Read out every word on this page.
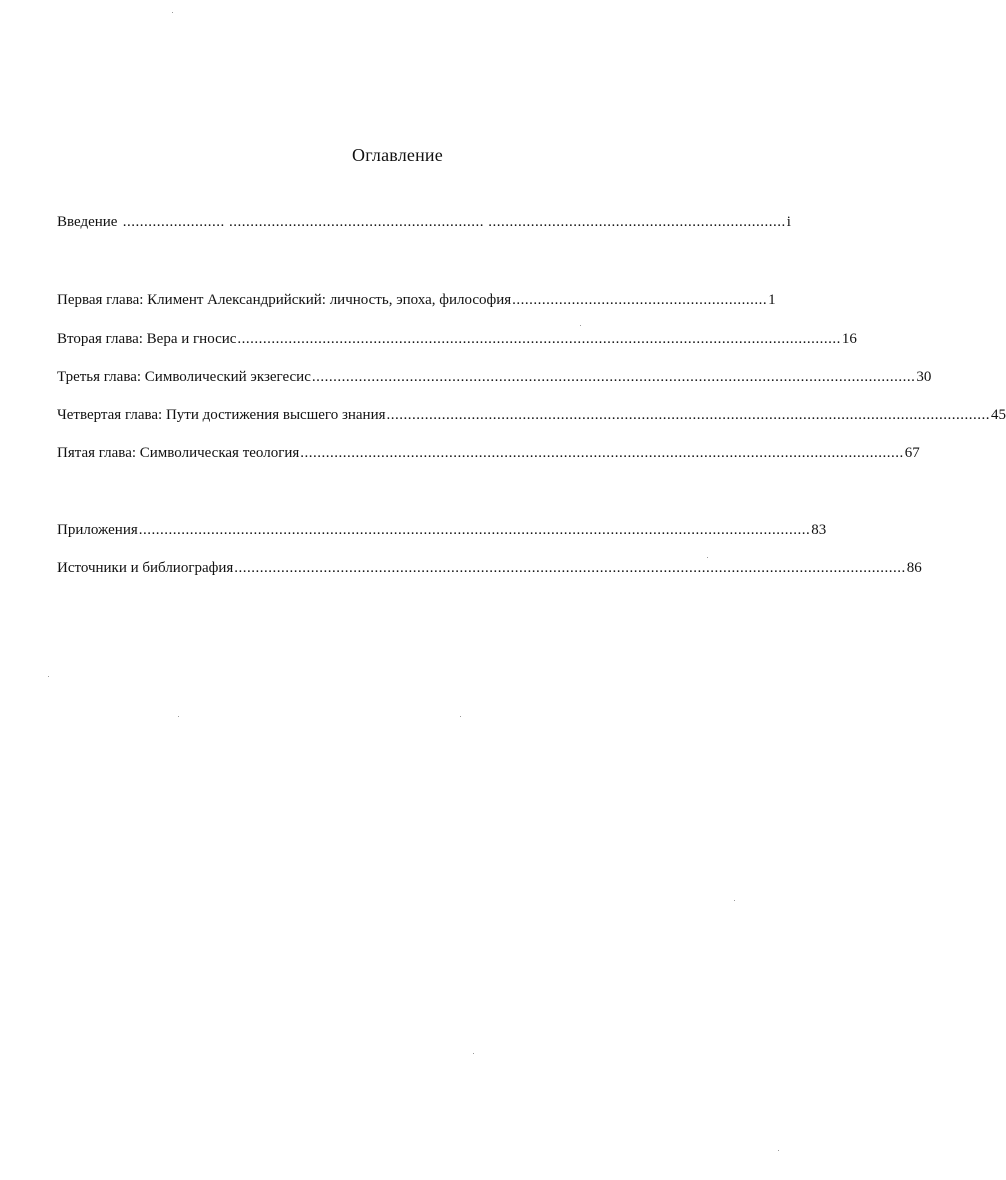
Оглавление
Введение ........................ ............................................................ ...................................................................... i
Первая глава: Климент Александрийский: личность, эпоха, философия ............................................................ 1
Вторая глава: Вера и гносис .............................................................................................................................................. 16
Третья глава: Символический экзегесис .............................................................................................................................................. 30
Четвертая глава: Пути достижения высшего знания .............................................................................................................................................. 45
Пятая глава: Символическая теология .............................................................................................................................................. 67
Приложения .............................................................................................................................................................. 83
Источники и библиография .............................................................................................................................................................. 86
